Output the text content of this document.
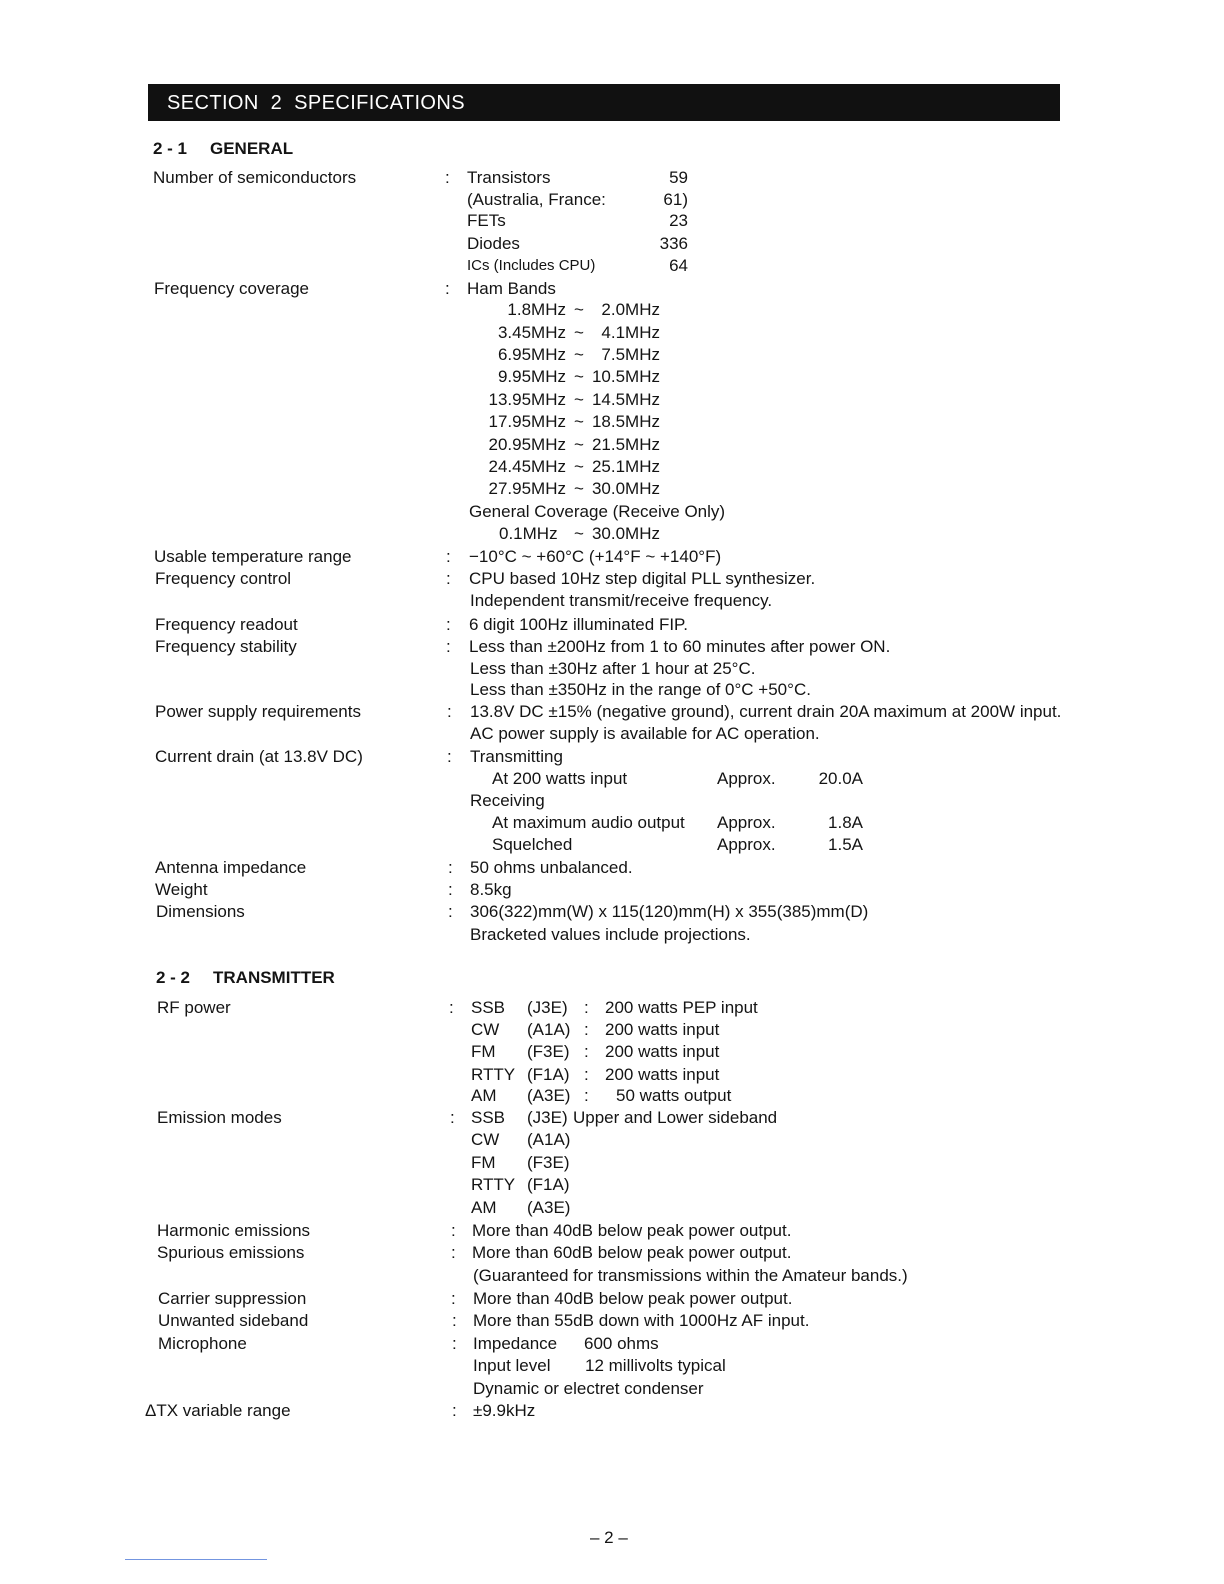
SECTION 2 SPECIFICATIONS
2 - 1 GENERAL
Number of semiconductors	: Transistors	59
(Australia, France:	61)
FETs	23
Diodes	336
ICs (Includes CPU)	64
Frequency coverage	: Ham Bands
1.8MHz ~	2.0MHz
3.45MHz ~	4.1MHz
6.95MHz ~	7.5MHz
9.95MHz ~ 10.5MHz
13.95MHz ~ 14.5MHz
17.95MHz ~ 18.5MHz
20.95MHz ~ 21.5MHz
24.45MHz ~ 25.1MHz
27.95MHz ~ 30.0MHz
General Coverage (Receive Only)
0.1MHz ~ 30.0MHz
Usable temperature range	: −10°C ~ +60°C (+14°F ~ +140°F)
Frequency control	: CPU based 10Hz step digital PLL synthesizer.
Independent transmit/receive frequency.
Frequency readout	: 6 digit 100Hz illuminated FIP.
Frequency stability	: Less than ±200Hz from 1 to 60 minutes after power ON.
Less than ±30Hz after 1 hour at 25°C.
Less than ±350Hz in the range of 0°C +50°C.
Power supply requirements	: 13.8V DC ±15% (negative ground), current drain 20A maximum at 200W input.
AC power supply is available for AC operation.
Current drain (at 13.8V DC)	: Transmitting
At 200 watts input	Approx.	20.0A
Receiving
At maximum audio output Approx.	1.8A
Squelched	Approx.	1.5A
Antenna impedance	: 50 ohms unbalanced.
Weight	: 8.5kg
Dimensions	: 306(322)mm(W) x 115(120)mm(H) x 355(385)mm(D)
Bracketed values include projections.
2 - 2 TRANSMITTER
RF power	: SSB (J3E) : 200 watts PEP input
CW (A1A) : 200 watts input
FM (F3E) : 200 watts input
RTTY (F1A) : 200 watts input
AM (A3E) : 50 watts output
Emission modes	: SSB (J3E) Upper and Lower sideband
CW (A1A)
FM (F3E)
RTTY (F1A)
AM (A3E)
Harmonic emissions	: More than 40dB below peak power output.
Spurious emissions	: More than 60dB below peak power output.
(Guaranteed for transmissions within the Amateur bands.)
Carrier suppression	: More than 40dB below peak power output.
Unwanted sideband	: More than 55dB down with 1000Hz AF input.
Microphone	: Impedance 600 ohms
Input level 12 millivolts typical
Dynamic or electret condenser
ΔTX variable range	: ±9.9kHz
– 2 –
